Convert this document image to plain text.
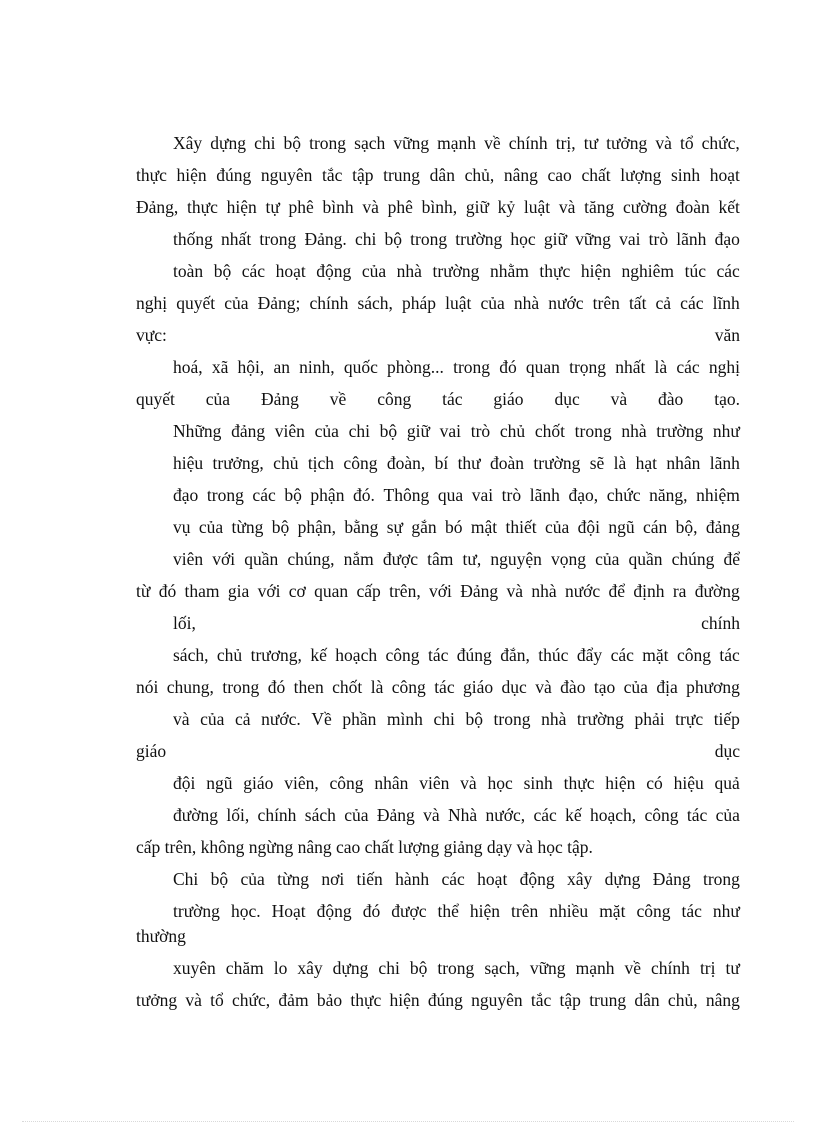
Xây dựng chi bộ trong sạch vững mạnh về chính trị, tư tưởng và tổ chức,
thực hiện đúng nguyên tắc tập trung dân chủ, nâng cao chất lượng sinh hoạt
Đảng, thực hiện tự phê bình và phê bình, giữ kỷ luật và tăng cường đoàn kết
thống nhất trong Đảng. chi bộ trong trường học giữ vững vai trò lãnh đạo
toàn bộ các hoạt động của nhà trường nhằm thực hiện nghiêm túc các
nghị quyết của Đảng; chính sách, pháp luật của nhà nước trên tất cả các lĩnh
vực:	văn
hoá, xã hội, an ninh, quốc phòng... trong đó quan trọng nhất là các nghị
quyết của Đảng về công tác giáo dục và đào tạo.
Những đảng viên của chi bộ giữ vai trò chủ chốt trong nhà trường như
hiệu trưởng, chủ tịch công đoàn, bí thư đoàn trường sẽ là hạt nhân lãnh
đạo trong các bộ phận đó. Thông qua vai trò lãnh đạo, chức năng, nhiệm
vụ của từng bộ phận, bằng sự gắn bó mật thiết của đội ngũ cán bộ, đảng
viên với quần chúng, nắm được tâm tư, nguyện vọng của quần chúng để
từ đó tham gia với cơ quan cấp trên, với Đảng và nhà nước để định ra đường
lối,	chính
sách, chủ trương, kế hoạch công tác đúng đắn, thúc đẩy các mặt công tác
nói chung, trong đó then chốt là công tác giáo dục và đào tạo của địa phương
và của cả nước. Về phần mình chi bộ trong nhà trường phải trực tiếp
giáo	dục
đội ngũ giáo viên, công nhân viên và học sinh thực hiện có hiệu quả
đường lối, chính sách của Đảng và Nhà nước, các kế hoạch, công tác của
cấp trên, không ngừng nâng cao chất lượng giảng dạy và học tập.
Chi bộ của từng nơi tiến hành các hoạt động xây dựng Đảng trong
trường học. Hoạt động đó được thể hiện trên nhiều mặt công tác như
thường
xuyên chăm lo xây dựng chi bộ trong sạch, vững mạnh về chính trị tư
tưởng và tổ chức, đảm bảo thực hiện đúng nguyên tắc tập trung dân chủ, nâng
